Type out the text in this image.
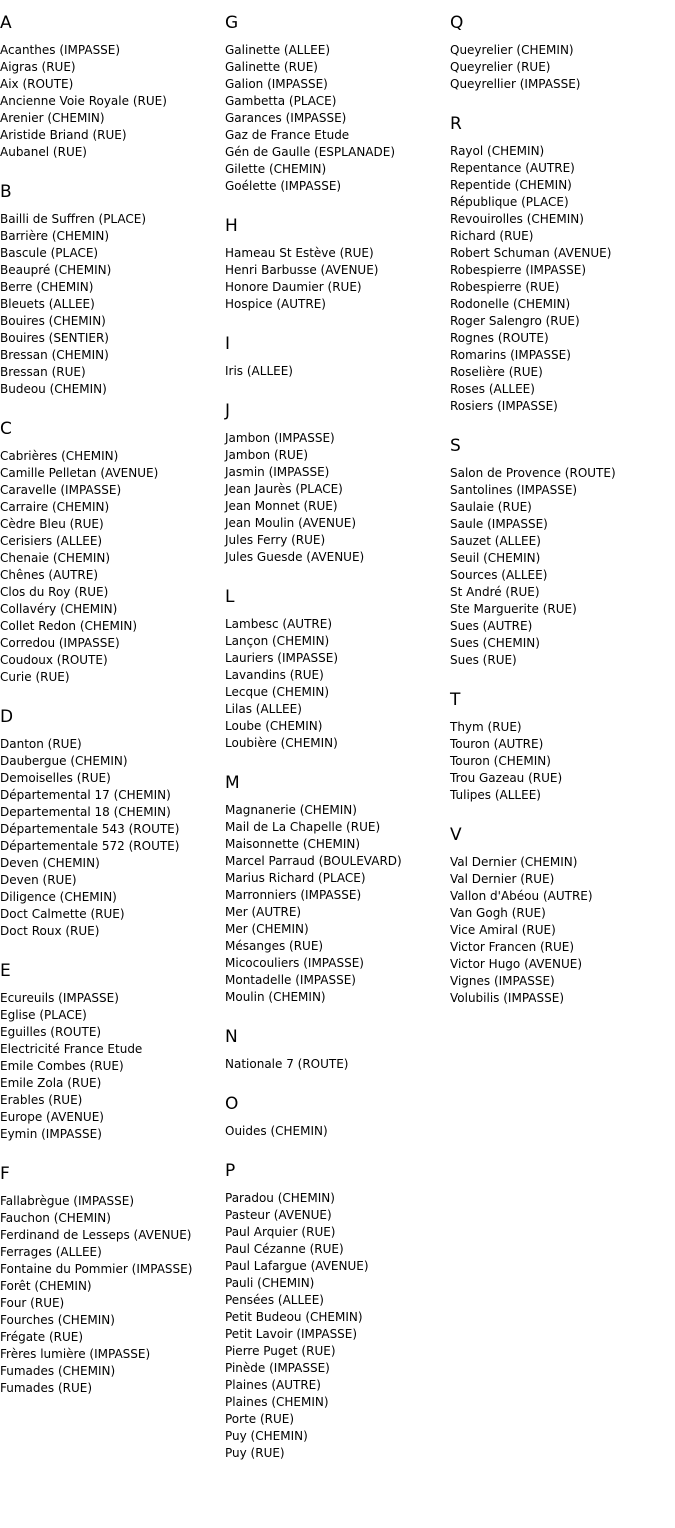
A
Acanthes (IMPASSE)
Aigras (RUE)
Aix (ROUTE)
Ancienne Voie Royale (RUE)
Arenier (CHEMIN)
Aristide Briand (RUE)
Aubanel (RUE)
B
Bailli de Suffren (PLACE)
Barrière (CHEMIN)
Bascule (PLACE)
Beaupré (CHEMIN)
Berre (CHEMIN)
Bleuets (ALLEE)
Bouires (CHEMIN)
Bouires (SENTIER)
Bressan (CHEMIN)
Bressan (RUE)
Budeou (CHEMIN)
C
Cabrières (CHEMIN)
Camille Pelletan (AVENUE)
Caravelle (IMPASSE)
Carraire (CHEMIN)
Cèdre Bleu (RUE)
Cerisiers (ALLEE)
Chenaie (CHEMIN)
Chênes (AUTRE)
Clos du Roy (RUE)
Collavéry (CHEMIN)
Collet Redon (CHEMIN)
Corredou (IMPASSE)
Coudoux (ROUTE)
Curie (RUE)
D
Danton (RUE)
Daubergue (CHEMIN)
Demoiselles (RUE)
Départemental 17 (CHEMIN)
Departemental 18 (CHEMIN)
Départementale 543 (ROUTE)
Départementale 572 (ROUTE)
Deven (CHEMIN)
Deven (RUE)
Diligence (CHEMIN)
Doct Calmette (RUE)
Doct Roux (RUE)
E
Ecureuils (IMPASSE)
Eglise (PLACE)
Eguilles (ROUTE)
Electricité France Etude
Emile Combes (RUE)
Emile Zola (RUE)
Erables (RUE)
Europe (AVENUE)
Eymin (IMPASSE)
F
Fallabrègue (IMPASSE)
Fauchon (CHEMIN)
Ferdinand de Lesseps (AVENUE)
Ferrages (ALLEE)
Fontaine du Pommier (IMPASSE)
Forêt (CHEMIN)
Four (RUE)
Fourches (CHEMIN)
Frégate (RUE)
Frères lumière (IMPASSE)
Fumades (CHEMIN)
Fumades (RUE)
G
Galinette (ALLEE)
Galinette (RUE)
Galion (IMPASSE)
Gambetta (PLACE)
Garances (IMPASSE)
Gaz de France Etude
Gén de Gaulle (ESPLANADE)
Gilette (CHEMIN)
Goélette (IMPASSE)
H
Hameau St Estève (RUE)
Henri Barbusse (AVENUE)
Honore Daumier (RUE)
Hospice (AUTRE)
I
Iris (ALLEE)
J
Jambon (IMPASSE)
Jambon (RUE)
Jasmin (IMPASSE)
Jean Jaurès (PLACE)
Jean Monnet (RUE)
Jean Moulin (AVENUE)
Jules Ferry (RUE)
Jules Guesde (AVENUE)
L
Lambesc (AUTRE)
Lançon (CHEMIN)
Lauriers (IMPASSE)
Lavandins (RUE)
Lecque (CHEMIN)
Lilas (ALLEE)
Loube (CHEMIN)
Loubière (CHEMIN)
M
Magnanerie (CHEMIN)
Mail de La Chapelle (RUE)
Maisonnette (CHEMIN)
Marcel Parraud (BOULEVARD)
Marius Richard (PLACE)
Marronniers (IMPASSE)
Mer (AUTRE)
Mer (CHEMIN)
Mésanges (RUE)
Micocouliers (IMPASSE)
Montadelle (IMPASSE)
Moulin (CHEMIN)
N
Nationale 7 (ROUTE)
O
Ouides (CHEMIN)
P
Paradou (CHEMIN)
Pasteur (AVENUE)
Paul Arquier (RUE)
Paul Cézanne (RUE)
Paul Lafargue (AVENUE)
Pauli (CHEMIN)
Pensées (ALLEE)
Petit Budeou (CHEMIN)
Petit Lavoir (IMPASSE)
Pierre Puget (RUE)
Pinède (IMPASSE)
Plaines (AUTRE)
Plaines (CHEMIN)
Porte (RUE)
Puy (CHEMIN)
Puy (RUE)
Q
Queyrelier (CHEMIN)
Queyrelier (RUE)
Queyrellier (IMPASSE)
R
Rayol (CHEMIN)
Repentance (AUTRE)
Repentide (CHEMIN)
République (PLACE)
Revouirolles (CHEMIN)
Richard (RUE)
Robert Schuman (AVENUE)
Robespierre (IMPASSE)
Robespierre (RUE)
Rodonelle (CHEMIN)
Roger Salengro (RUE)
Rognes (ROUTE)
Romarins (IMPASSE)
Roselière (RUE)
Roses (ALLEE)
Rosiers (IMPASSE)
S
Salon de Provence (ROUTE)
Santolines (IMPASSE)
Saulaie (RUE)
Saule (IMPASSE)
Sauzet (ALLEE)
Seuil (CHEMIN)
Sources (ALLEE)
St André (RUE)
Ste Marguerite (RUE)
Sues (AUTRE)
Sues (CHEMIN)
Sues (RUE)
T
Thym (RUE)
Touron (AUTRE)
Touron (CHEMIN)
Trou Gazeau (RUE)
Tulipes (ALLEE)
V
Val Dernier (CHEMIN)
Val Dernier (RUE)
Vallon d'Abéou (AUTRE)
Van Gogh (RUE)
Vice Amiral (RUE)
Victor Francen (RUE)
Victor Hugo (AVENUE)
Vignes (IMPASSE)
Volubilis (IMPASSE)
